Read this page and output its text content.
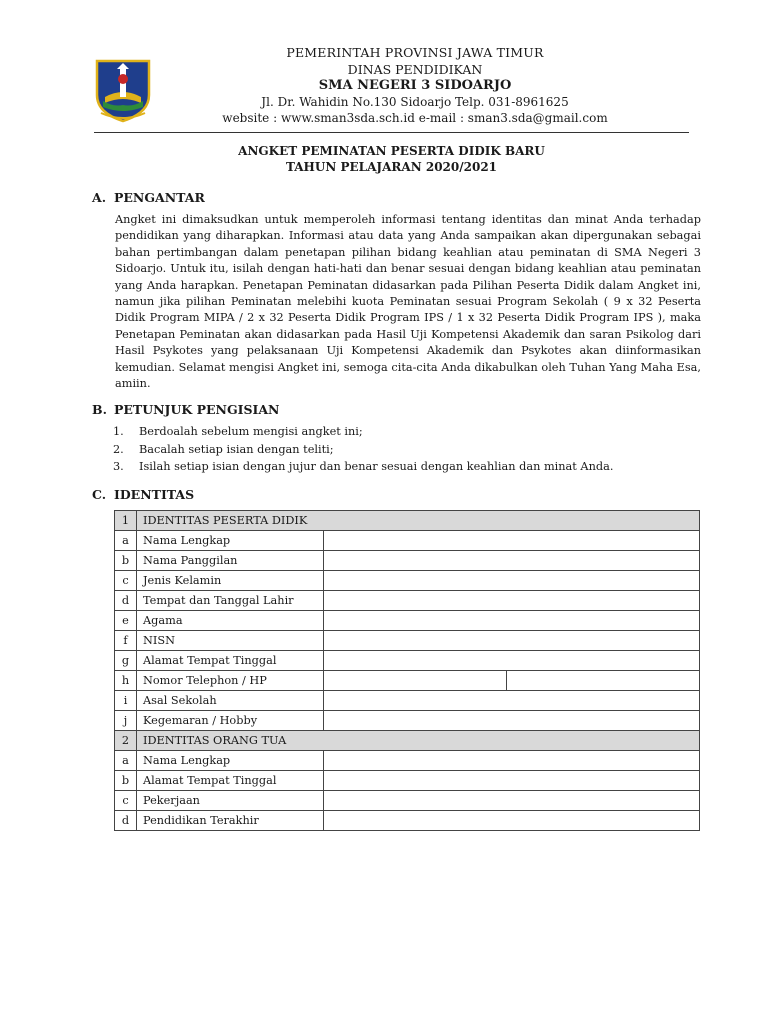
PEMERINTAH PROVINSI JAWA TIMUR
DINAS PENDIDIKAN
SMA NEGERI 3 SIDOARJO
Jl. Dr. Wahidin No.130 Sidoarjo Telp. 031-8961625
website : www.sman3sda.sch.id e-mail : sman3.sda@gmail.com
ANGKET PEMINATAN PESERTA DIDIK BARU
TAHUN PELAJARAN 2020/2021
A. PENGANTAR

Angket ini dimaksudkan untuk memperoleh informasi tentang identitas dan minat Anda terhadap pendidikan yang diharapkan. Informasi atau data yang Anda sampaikan akan dipergunakan sebagai bahan pertimbangan dalam penetapan pilihan bidang keahlian atau peminatan di SMA Negeri 3 Sidoarjo. Untuk itu, isilah dengan hati-hati dan benar sesuai dengan bidang keahlian atau peminatan yang Anda harapkan. Penetapan Peminatan didasarkan pada Pilihan Peserta Didik dalam Angket ini, namun jika pilihan Peminatan melebihi kuota Peminatan sesuai Program Sekolah ( 9 x 32 Peserta Didik Program MIPA / 2 x 32 Peserta Didik Program IPS / 1 x 32 Peserta Didik Program IPS ), maka Penetapan Peminatan akan didasarkan pada Hasil Uji Kompetensi Akademik dan saran Psikolog dari Hasil Psykotes yang pelaksanaan Uji Kompetensi Akademik dan Psykotes akan diinformasikan kemudian. Selamat mengisi Angket ini, semoga cita-cita Anda dikabulkan oleh Tuhan Yang Maha Esa, amiin.

B. PETUNJUK PENGISIAN
1. Berdoalah sebelum mengisi angket ini;
2. Bacalah setiap isian dengan teliti;
3. Isilah setiap isian dengan jujur dan benar sesuai dengan keahlian dan minat Anda.
C. IDENTITAS
1	IDENTITAS PESERTA DIDIK	
a	Nama Lengkap	
b	Nama Panggilan	
c	Jenis Kelamin	
d	Tempat dan Tanggal Lahir	
e	Agama	
f	NISN	
g	Alamat Tempat Tinggal	
h	Nomor Telephon / HP	

i	Asal Sekolah	
j	Kegemaran / Hobby	
2	IDENTITAS ORANG TUA	
a	Nama Lengkap	
b	Alamat Tempat Tinggal	
c	Pekerjaan	
d	Pendidikan Terakhir	
